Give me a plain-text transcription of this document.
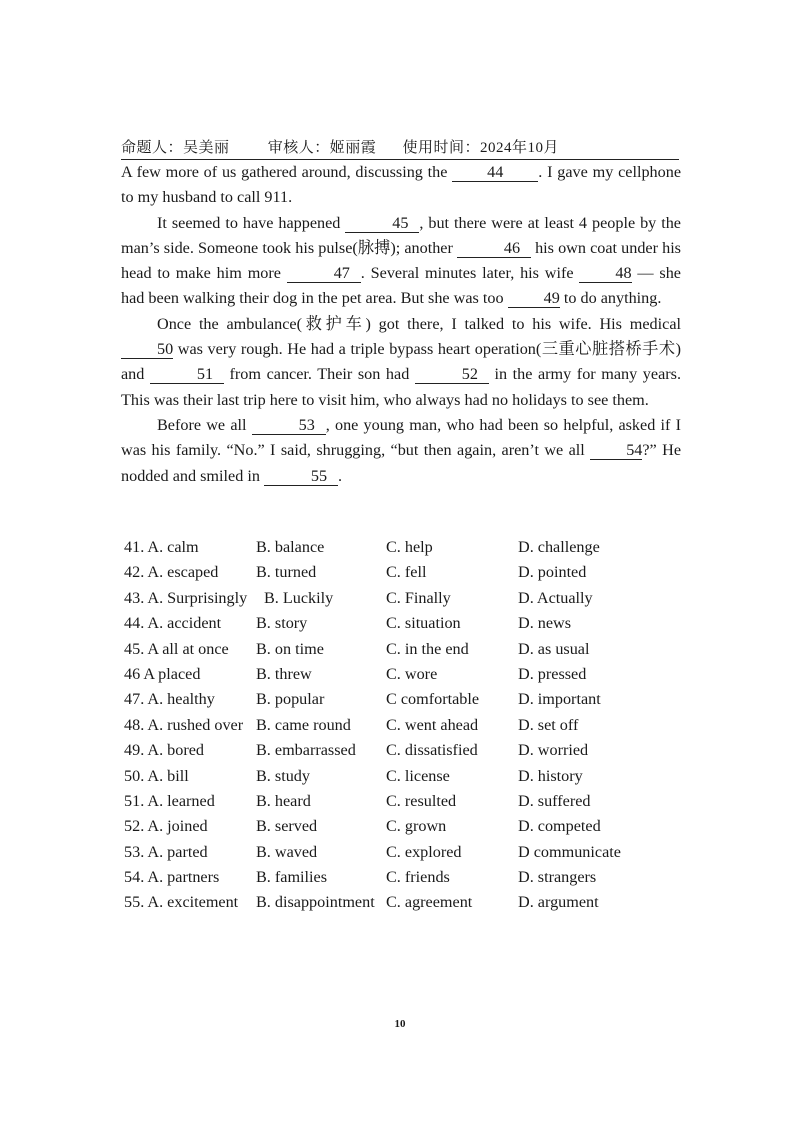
命题人：吴美丽	审核人：姬丽霞 使用时间：2024年10月

A few more of us gathered around, discussing the 44 . I gave my cellphone to my husband to call 911.

It seemed to have happened	45 , but there were at least 4 people by the man’s side. Someone took his pulse(脉搏); another	46 his own coat under his head to make him more	47 . Several minutes later, his wife 48 — she had been walking their dog in the pet area. But she was too 49 to do anything.

Once the ambulance(救护车) got there, I talked to his wife. His medical 50 was very rough. He had a triple bypass heart operation(三重心脏搭桥手术) and	51 from cancer. Their son had	52 in the army for many years. This was their last trip here to visit him, who always had no holidays to see them.

Before we all	53 , one young man, who had been so helpful, asked if I was his family. “No.” I said, shrugging, “but then again, aren’t we all 54?” He nodded and smiled in	55 .

41. A. calm	B. balance	C. help	D. challenge
42. A. escaped B. turned	C. fell	D. pointed
43. A. Surprisingly B. Luckily	C. Finally	D. Actually
44. A. accident B. story	C. situation	D. news
45. A all at once B. on time	C. in the end	D. as usual
46 A placed	B. threw	C. wore	D. pressed
47. A. healthy	B. popular	C comfortable D. important
48. A. rushed over B. came round C. went ahead D. set off
49. A. bored	B. embarrassed C. dissatisfied D. worried
50. A. bill	B. study	C. license	D. history
51. A. learned	B. heard	C. resulted	D. suffered
52. A. joined	B. served	C. grown	D. competed
53. A. parted	B. waved	C. explored	D communicate
54. A. partners B. families	C. friends	D. strangers
55. A. excitement B. disappointment C. agreement	D. argument
10
